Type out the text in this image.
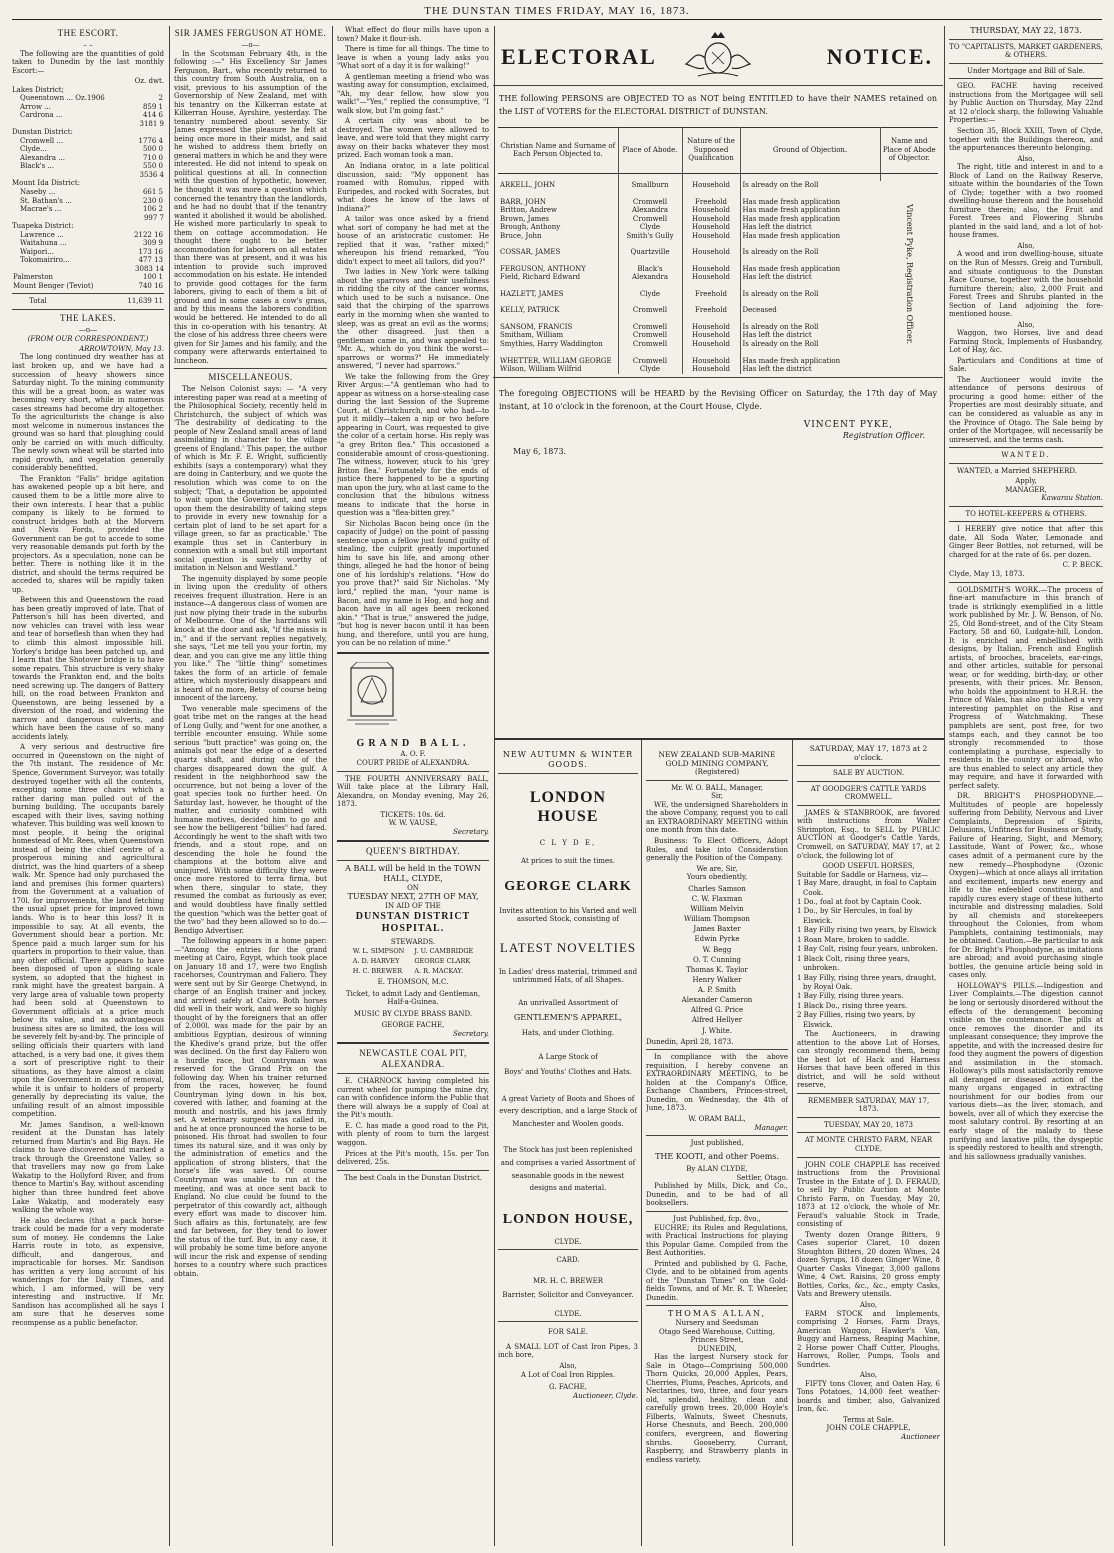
THE DUNSTAN TIMES FRIDAY, MAY 16, 1873.
THE ESCORT.
– –

The following are the quantities of gold taken to Dunedin by the last monthly Escort:—

Oz. dwt.
Lakes District;
Queenstown ... Oz.1906	2
Arrow ...	859 1
Cardrona ...	414 6
3181 9
Dunstan District:
Cromwell ...	1776 4
Clyde...	500 0
Alexandra ...	710 0
Black's ...	550 0
3536 4
Mount Ida District:
Naseby ...	661 5
St. Bathan's ...	230 0
Macrae's ...	106 2
997 7
Tuapeka District:
Lawrence ...	2122 16
Waitahuna ...	309 9
Waipori...	173 16
Tokomairiro...	477 13
3083 14
Palmerston	100 1
Mount Benger (Teviot)	740 16
Total	11,639 11
THE LAKES.
—o—
(FROM OUR CORRESPONDENT.)
ARROWTOWN, May 13.

The long continued dry weather has at last broken up, and we have had a succession of heavy showers since Saturday night. To the mining community this will be a great boon, as water was becoming very short, while in numerous cases streams had become dry altogether. To the agriculturists the change is also most welcome in numerous instances the ground was so hard that ploughing could only be carried on with much difficulty. The newly sown wheat will be started into rapid growth, and vegetation generally considerably benefitted.

The Frankton "Falls" bridge agitation has awakened people up a bit here, and caused them to be a little more alive to their own interests. I hear that a public company is likely to be formed to construct bridges both at the Morvern and Nevis Fords, provided the Government can be got to accede to some very reasonable demands put forth by the projectors. As a speculation, none can be better. There is nothing like it in the district, and should the terms required be acceded to, shares will be rapidly taken up.

Between this and Queenstown the road has been greatly improved of late. That of Patterson's hill has been diverted, and now vehicles can travel with less wear and tear of horseflesh than when they had to climb this almost impossible hill. Yorkey's bridge has been patched up, and I learn that the Shotover bridge is to have some repairs. This structure is very shaky towards the Frankton end, and the bolts need screwing up. The dangers of Battery hill, on the road between Frankton and Queenstown, are being lessened by a diversion of the road, and widening the narrow and dangerous culverts, and which have been the cause of so many accidents lately.

A very serious and destructive fire occurred in Queenstown on the night of the 7th instant. The residence of Mr. Spence, Government Surveyor, was totally destroyed together with all the contents, excepting some three chairs which a rather daring man pulled out of the burning building. The occupants barely escaped with their lives, saving nothing whatever. This building was well known to most people, it being the original homestead of Mr. Rees, when Queenstown instead of being the chief centre of a prosperous mining and agricultural district, was the hind quarters of a sheep walk. Mr. Spence had only purchased the land and premises (his former quarters) from the Government at a valuation of 170l. for improvements, the land fetching the usual upset price for improved town lands. Who is to bear this loss? It is impossible to say. At all events, the Government should bear a portion. Mr. Spence paid a much larger sum for his quarters in proportion to their value, than any other official. There appears to have been disposed of upon a sliding scale system, so adopted that the highest in rank might have the greatest bargain. A very large area of valuable town property had been sold at Queenstown to Government officials at a price much below its value, and as advantageous business sites are so limited, the loss will be severely felt by-and-by. The principle of selling officials their quarters with land attached, is a very bad one, it gives them a sort of prescriptive right to their situations, as they have almost a claim upon the Government in case of removal, while it is unfair to holders of property generally by depreciating its value, the unfailing result of an almost impossible competition.

Mr. James Sandison, a well-known resident at the Dunstan has lately returned from Martin's and Big Bays. He claims to have discovered and marked a track through the Greenstone Valley, so that travellers may now go from Lake Wakatip to the Hollyford River, and from thence to Martin's Bay, without ascending higher than three hundred feet above Lake Wakatip, and moderately easy walking the whole way.

He also declares (that a pack horse-track could be made for a very moderate sum of money. He condemns the Lake Harris route in toto, as expensive, difficult, and dangerous, and impracticable for horses. Mr. Sandison has written a very long account of his wanderings for the Daily Times, and which, I am informed, will be very interesting and instructive. If Mr. Sandison has accomplished all he says I am sure that he deserves some recompense as a public benefactor.

SIR JAMES FERGUSON AT HOME.
—o—

In the Scotsman February 4th, is the following :—" His Excellency Sir James Ferguson, Bart., who recently returned to this country from South Australia, on a visit, previous to his assumption of the Governorship of New Zealand, met with his tenantry on the Kilkerran estate at Kilkerran House, Ayrshire, yesterday. The tenantry numbered about seventy. Sir James expressed the pleasure he felt at being once more in their midst, and said he wished to address them briefly on general matters in which he and they were interested. He did not intend to speak on political questions at all. In connection with the question of hypothetic, however, he thought it was more a question which concerned the tenantry than the landlords, and he had no doubt that if the tenantry wanted it abolished it would be abolished. He wished more particularly to speak to them on cottage accommodation. He thought there ought to be better accommodation for laborers on all estates than there was at present, and it was his intention to provide such improved accommodation on his estate. He intended to provide good cottages for the farm laborers, giving to each of them a bit of ground and in some cases a cow's grass, and by this means the laborers condition would be bettered. He intended to do all this in co-operation with his tenantry. At the close of his address three cheers were given for Sir James and his family, and the company were afterwards entertained to luncheon.

MISCELLANEOUS.

The Nelson Colonist says: — "A very interesting paper was read at a meeting of the Philosophical Society, recently held in Christchurch, the subject of which was 'The desirability of dedicating to the people of New Zealand small areas of land assimilating in character to the village greens of England.' This paper, the author of which is Mr. F. E. Wright, sufficiently exhibits (says a contemporary) what they are doing in Canterbury, and we quote the resolution which was come to on the subject; 'That, a deputation be appointed to wait upon the Government, and urge upon them the desirability of taking steps to provide in every new township for a certain plot of land to be set apart for a village green, so far as practicable.' The example thus set in Canterbury in connexion with a small but still important social question is surely worthy of imitation in Nelson and Westland."

The ingenuity displayed by some people in living upon the credulity of others receives frequent illustration. Here is an instance—A dangerous class of women are just now plying their trade in the suburbs of Melbourne. One of the harridans will knock at the door and ask, "if the missis is in," and if the servant replies negatively, she says, "Let me tell you your fortin, my dear, and you can give me any little thing you like." The "little thing" sometimes takes the form of an article of female attire, which mysteriously disappears and is heard of no more, Betsy of course being innocent of the larceny.

Two venerable male specimens of the goat tribe met on the ranges at the head of Long Gully, and "went for one another, a terrible encounter ensuing. While some serious "butt practice" was going on, the animals got near the edge of a deserted quartz shaft, and during one of the charges disappeared down the gulf. A resident in the neighborhood saw the occurrence, but not being a lover of the goat species took no further heed. On Saturday last, however, he thought of the matter, and curiosity combined with humane motives, decided him to go and see how the belligerent "billies" had fared. Accordingly he went to the shaft with two friends, and a stout rope, and on descending the hole he found the champions at the bottom alive and uninjured. With some difficulty they were once more restored to terra firma, but when there, singular to state, they resumed the combat as furiously as ever, and would doubtless have finally settled the question "which was the better goat of the two" had they been allowed so to do.—Bendigo Advertiser.

The following appears in a home paper:—"Among the entries for the grand meeting at Cairo, Egypt, which took place on January 18 and 17, were two English racehorses, Countryman and Faliero. They were sent out by Sir George Chetwynd, in charge of an English trainer and jockey, and arrived safely at Cairo. Both horses did well in their work, and were so highly thought of by the foreigners that an offer of 2,000l. was made for the pair by an ambitious Egyptian, desirous of winning the Khedive's grand prize, but the offer was declined. On the first day Faliero won a hurdle race, but Countryman was reserved for the Grand Prix on the following day. When his trainer returned from the races, however, he found Countryman lying down in his box, covered with lather, and foaming at the mouth and nostrils, and his jaws firmly set. A veterinary surgeon was called in, and he at once pronounced the horse to be poisoned. His throat had swollen to four times its natural size, and it was only by the administration of emetics and the application of strong blisters, that the horse's life was saved. Of course Countryman was unable to run at the meeting, and was at once sent back to England. No clue could be found to the perpetrator of this cowardly act, although every effort was made to discover him. Such affairs as this, fortunately, are few and far between, for they tend to lower the status of the turf. But, in any case, it will probably be some time before anyone will incur the risk and expense of sending horses to a country where such practices obtain.

What effect do flour mills have upon a town? Make it flour-ish.

There is time for all things. The time to leave is when a young lady asks you "What sort of a day it is for walking!"

A gentleman meeting a friend who was wasting away for consumption, exclaimed, "Ah, my dear fellow, how slow you walk!"—"Yes," replied the consumptive, "I walk slow, but I'm going fast."

A certain city was about to be destroyed. The women were allowed to leave, and were told that they might carry away on their backs whatever they most prized. Each woman took a man.

An Indiana orator, in a late political discussion, said: "My opponent has roamed with Romulus, ripped with Euripedes, and rocked with Socrates, but what does he know of the laws of Indiana?"

A tailor was once asked by a friend what sort of company he had met at the house of an aristocratic customer. He replied that it was, "rather mixed;" whereupon his friend remarked, "You didn't expect to meet all tailors, did you?"

Two ladies in New York were talking about the sparrows and their usefulness in ridding the city of the cancer worms, which used to be such a nuisance. One said that the chirping of the sparrows early in the morning when she wanted to sleep, was as great an evil as the worms; the other disagreed. Just then a gentleman came in, and was appealed to: "Mr. A., which do you think the worst—sparrows or worms?" He immediately answered, "I never had sparrows."

We take the following from the Grey River Argus:—"A gentleman who had to appear as witness on a horse-stealing case during the last Session of the Supreme Court, at Christchurch, and who had—to put it mildly—taken a nip or two before appearing in Court, was requested to give the color of a certain horse. His reply was "a grey Briton flea." This occasioned a considerable amount of cross-questioning. The witness, however, stuck to his 'grey Briton flea.' Fortunately for the ends of justice there happened to be a sporting man upon the jury, who at last came to the conclusion that the bibulous witness means to indicate that the horse in question was a "flea-bitten grey."

Sir Nicholas Bacon being once (in the capacity of Judge) on the point of passing sentence upon a fellow just found guilty of stealing, the culprit greatly importuned him to save his life, and among other things, alleged he had the honor of being one of his lordship's relations. "How do you prove that?" said Sir Nicholas. "My lord," replied the man, "your name is Bacon, and my name is Hog, and hog and bacon have in all ages been reckoned akin." "That is true," answered the judge, "but hog is never bacon until it has been hung, and therefore, until you are hung, you can be no relation of mine."

GRAND BALL.
A. O. F.
COURT PRIDE of ALEXANDRA.

THE FOURTH ANNIVERSARY BALL, Will take place at the Library Hall, Alexandra, on Monday evening, May 26, 1873.

TICKETS: 10s. 6d.
W. W. VAUSE,
Secretary.
QUEEN'S BIRTHDAY.
A BALL will be held in the TOWN HALL, CLYDE,
ON
TUESDAY NEXT, 27TH OF MAY,
IN AID OF THE
DUNSTAN DISTRICT HOSPITAL.
STEWARDS.
W. L. SIMPSON	J. U. CAMBRIDGE
A. D. HARVEY	GEORGE CLARK
H. C. BREWER	A. R. MACKAY.
E. THOMSON, M.C.
Ticket, to admit Lady and Gentleman, Half-a-Guinea.
MUSIC BY CLYDE BRASS BAND.
GEORGE FACHE,
Secretary.
NEWCASTLE COAL PIT, ALEXANDRA.

E. CHARNOCK having completed his current wheel for pumping the mine dry, can with confidence inform the Public that there will always be a supply of Coal at the Pit's mouth.

E. C. has made a good road to the Pit, with plenty of room to turn the largest waggon.

Prices at the Pit's mouth, 15s. per Ton delivered, 25s.

The best Coals in the Dunstan District.
ELECTORAL	NOTICE.
THE following PERSONS are OBJECTED TO as NOT being ENTITLED to have their NAMES retained on the LIST of VOTERS for the ELECTORAL DISTRICT of DUNSTAN.
Christian Name and Surname of Each Person Objected to.	Place of Abode.	Nature of the Supposed Qualification	Ground of Objection.	Name and Place of Abode of Objector.

				Vincent Pyke, Registration Officer.

ARKELL, JOHN	Smallburn	Household	Is already on the Roll	

BARR, JOHN	Cromwell	Freehold	Has made fresh application	
Britton, Andrew	Alexandra	Household	Has made fresh application	
Brown, James	Cromwell	Household	Has made fresh application	
Brough, Anthony	Clyde	Household	Has left the district	
Bruce, John	Smith's Gully	Household	Has made fresh application	

COSSAR, JAMES	Quartzville	Household	Is already on the Roll	

FERGUSON, ANTHONY	Black's	Household	Has made fresh application	
Field, Richard Edward	Alexandra	Household	Has left the district	

HAZLETT, JAMES	Clyde	Freehold	Is already on the Roll	

KELLY, PATRICK	Cromwell	Freehold	Deceased	

SANSOM, FRANCIS	Cromwell	Household	Is already on the Roll	
Smitham, William	Cromwell	Household	Has left the district	
Smythies, Harry Waddington	Cromwell	Household	Is already on the Roll	

WHETTER, WILLIAM GEORGE	Cromwell	Household	Has made fresh application	
Wilson, William Wilfrid	Clyde	Household	Has left the district	
The foregoing OBJECTIONS will be HEARD by the Revising Officer on Saturday, the 17th day of May instant, at 10 o'clock in the forenoon, at the Court House, Clyde.
VINCENT PYKE,
Registration Officer.
May 6, 1873.
NEW AUTUMN & WINTER GOODS.
LONDON HOUSE
C L Y D E,
At prices to suit the times.
GEORGE CLARK
Invites attention to his Varied and well assorted Stock, consisting of
LATEST NOVELTIES
In Ladies' dress material, trimmed and untrimmed Hats, of all Shapes.
An unrivalled Assortment of
GENTLEMEN'S APPAREL,
Hats, and under Clothing.
A Large Stock of
Boys' and Youths' Clothes and Hats.
A great Variety of Boots and Shoes of every description, and a large Stock of Manchester and Woolen goods.
The Stock has just been replenished and comprises a varied Assortment of seasonable goods in the newest designs and material.
LONDON HOUSE,
CLYDE.
CARD.
MR. H. C. BREWER
Barrister, Solicitor and Conveyancer.
CLYDE.
FOR SALE.

A SMALL LOT of Cast Iron Pipes, 3 inch bore,

Also,
A Lot of Coal Iron Ripples.
G. FACHE,
Auctioneer, Clyde.
NEW ZEALAND SUB-MARINE GOLD MINING COMPANY,
(Registered)
Mr. W. O. BALL, Manager,
Sir,

WE, the undersigned Shareholders in the above Company, request you to call an EXTRAORDINARY MEETING within one month from this date.

Business: To Elect Officers, Adopt Rules, and take into Consideration generally the Position of the Company.

We are, Sir,
Yours obediently,
Charles Samson
C. W. Flaxman
William Melvin
William Thompson
James Baxter
Edwin Pyrke
W. Begg
O. T. Cunning
Thomas K. Taylor
Henry Walker
A. P. Smith
Alexander Cameron
Alfred G. Price
Alfred Hellyer
J. White.
Dunedin, April 28, 1873.

In compliance with the above requisition, I hereby convene an EXTRAORDINARY MEETING, to be holden at the Company's Office, Exchange Chambers, Princes-street, Dunedin, on Wednesday, the 4th of June, 1873.

W. ORAM BALL,
Manager.
Just published,
THE KOOTI, and other Poems.
By ALAN CLYDE,
Settler, Otago.

Published by Mills, Dick, and Co., Dunedin, and to be had of all booksellers.

Just Published, fcp. 8vo.,

EUCHRE; its Rules and Regulations, with Practical Instructions for playing this Popular Game. Compiled from the Best Authorities.

Printed and published by G. Fache, Clyde, and to be obtained from agents of the "Dunstan Times" on the Gold-fields Towns, and of Mr. R. T. Wheeler, Dunedin.

THOMAS ALLAN,
Nursery and Seedsman
Otago Seed Warehouse, Cutting, Princes Street,
DUNEDIN,

Has the largest Nursery stock for Sale in Otago—Comprising 500,000 Thorn Quicks, 20,000 Apples, Pears, Cherries, Plums, Peaches, Apricots, and Nectarines, two, three, and four years old, splendid, healthy, clean and carefully grown trees. 20,000 Hoyle's Filberts, Walnuts, Sweet Chesnuts, Horse Chesnuts, and Beech. 200,000 conifers, evergreen, and flowering shrubs. Gooseberry, Currant, Raspberry, and Strawberry plants in endless variety.

SATURDAY, MAY 17, 1873 at 2 o'clock.
SALE BY AUCTION.
AT GOODGER'S CATTLE YARDS CROMWELL.

JAMES & STANBROOK, are favored with instructions from Walter Shrimpton, Esq., to SELL by PUBLIC AUCTION at Goodger's Cattle Yards, Cromwell, on SATURDAY, MAY 17, at 2 o'clock, the following lot of

GOOD USEFUL HORSES,
Suitable for Saddle or Harness, viz—
1 Bay Mare, draught, in foal to Captain Cook.
1 Do., foal at foot by Captain Cook.
1 Do., by Sir Hercules, in foal by Elswick.
1 Bay Filly rising two years, by Elswick
1 Roan Mare, broken to saddle.
1 Bay Colt, rising four years, unbroken.
1 Black Colt, rising three years, unbroken.
1 Bay Filly, rising three years, draught, by Royal Oak.
1 Bay Filly, rising three years.
1 Black Do., rising three years.
2 Bay Fillies, rising two years, by Elswick.

The Auctioneers, in drawing attention to the above Lot of Horses, can strongly recommend them, being the best lot of Hack and Harness Horses that have been offered in this district, and will be sold without reserve,

REMEMBER SATURDAY, MAY 17, 1873.
TUESDAY, MAY 20, 1873
AT MONTE CHRISTO FARM, NEAR CLYDE.

JOHN COLE CHAPPLE has received instructions from the Provisional Trustee in the Estate of J. D. FERAUD, to sell by Public Auction at Monte Christo Farm, on Tuesday, May 20, 1873 at 12 o'clock, the whole of Mr. Feraud's valuable Stock in Trade, consisting of

Twenty dozen Orange Bitters, 9 Cases superior Claret, 10 dozen Stoughton Bitters, 20 dozen Wines, 24 dozen Syrups, 18 dozen Ginger Wine, 8 Quarter Casks Vinegar, 3,000 gallons Wine, 4 Cwt. Raisins, 20 gross empty Bottles, Corks, &c., &c., empty Casks, Vats and Brewery utensils.

Also,

FARM STOCK and Implements, comprising 2 Horses, Farm Drays, American Waggon, Hawker's Van, Buggy and Harness, Reaping Machine, 2 Horse power Chaff Cutter, Ploughs, Harrows, Roller, Pumps, Tools and Sundries.

Also,

FIFTY tons Clover, and Oaten Hay, 6 Tons Potatoes, 14,000 feet weather-boards and timber, also, Galvanized Iron, &c.

Terms at Sale.
JOHN COLE CHAPPLE,
Auctioneer
THURSDAY, MAY 22, 1873.
TO "CAPITALISTS, MARKET GARDENERS, & OTHERS.
Under Mortgage and Bill of Sale.

GEO. FACHE having received instructions from the Mortgagee will sell by Public Auction on Thursday, May 22nd at 12 o'clock sharp, the following Valuable Properties:—

Section 35, Block XXIII, Town of Clyde, together with the Buildings thereon, and the appurtenances thereunto belonging.

Also,

The right, title and interest in and to a Block of Land on the Railway Reserve, situate within the boundaries of the Town of Clyde; together with a two roomed dwelling-house thereon and the household furniture therein; also, the Fruit and Forest Trees and Flowering Shrubs planted in the said land, and a lot of hot-house frames.

Also,

A wood and iron dwelling-house, situate on the Run of Messrs. Greig and Turnbull, and situate contiguous to the Dunstan Race Course, together with the household furniture therein; also, 2,000 Fruit and Forest Trees and Shrubs planted in the Section of Land adjoining the fore-mentioned house.

Also,

Waggon, two Horses, live and dead Farming Stock, Implements of Husbandry, Lot of Hay, &c.

Particulars and Conditions at time of Sale.

The Auctioneer would invite the attendance of persons desirous of procuring a good home: either of the Properties are most desirably situate, and can be considered as valuable as any in the Province of Otago. The Sale being by order of the Mortgagee, will necessarily be unreserved, and the terms cash.

WANTED.

WANTED, a Married SHEPHERD.

Apply,
MANAGER,
Kawarau Station.
TO HOTEL-KEEPERS & OTHERS.

I HEREBY give notice that after this date, All Soda Water, Lemonade and Ginger Beer Bottles, not returned, will be charged for at the rate of 6s. per dozen.

C. P. BECK.
Clyde, May 13, 1873.

GOLDSMITH'S WORK.—The process of fine-art manufacture in this branch of trade is strikingly exemplified in a little work published by Mr. J. W. Benson, of No. 25, Old Bond-street, and of the City Steam Factory, 58 and 60, Ludgate-hill, London. It is enriched and embellished with designs, by Italian, French and English artists, of brooches, bracelets, ear-rings, and other articles, suitable for personal wear, or for wedding, birth-day, or other presents, with their prices. Mr. Benson, who holds the appointment to H.R.H. the Prince of Wales, has also published a very interesting pamphlet on the Rise and Progress of Watchmaking. These pamphlets are sent, post free, for two stamps each, and they cannot be too strongly recommended to those contemplating a purchase, especially to residents in the country or abroad, who are thus enabled to select any article they may require, and have it forwarded with perfect safety.

DR. BRIGHT'S PHOSPHODYNE.—Multitudes of people are hopelessly suffering from Debility, Nervous and Liver Complaints, Depression of Spirits, Delusions, Unfitness for Business or Study, Failure of Hearing, Sight, and Memory, Lassitude, Want of Power, &c., whose cases admit of a permanent cure by the new remedy—Phosphodyne (Ozonic Oxygen)—which at once allays all irritation and excitement, imparts new energy and life to the enfeebled constitution, and rapidly cures every stage of these hitherto incurable and distressing maladies. Sold by all chemists and storekeepers throughout the Colonies, from whom Pamphlets, containing testimonials, may be obtained. Caution.—Be particular to ask for Dr. Bright's Phosphodyne, as imitations are abroad; and avoid purchasing single bottles, the genuine article being sold in cases only.

HOLLOWAY'S PILLS.—Indigestion and Liver Complaints.—The digestion cannot be long or seriously disordered without the effects of the derangement becoming visible on the countenance. The pills at once removes the disorder and its unpleasant consequence; they improve the appetite, and with the increased desire for food they augment the powers of digestion and assimilation in the stomach. Holloway's pills most satisfactorily remove all deranged or diseased action of the many organs engaged in extracting nourishment for our bodies from our various diets—as the liver, stomach, and bowels, over all of which they exercise the most salutary control. By resorting at an early stage of the malady to these purifying and laxative pills, the dyspeptic is speedily restored to health and strength, and his sallowness gradually vanishes.
